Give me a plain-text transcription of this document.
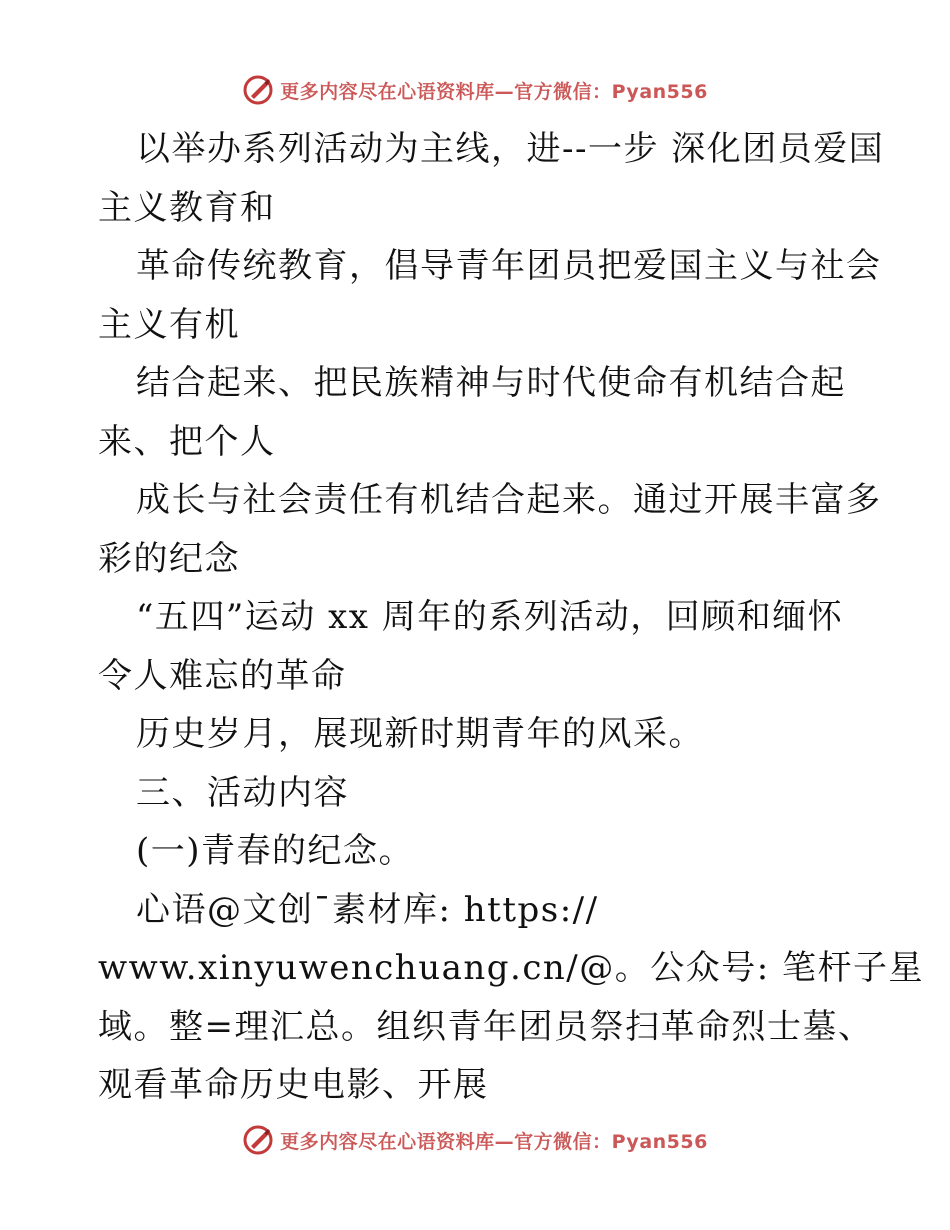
更多内容尽在心语资料库—官方微信：Pyan556
以举办系列活动为主线，进--一步 深化团员爱国
主义教育和
革命传统教育，倡导青年团员把爱国主义与社会
主义有机
结合起来、把民族精神与时代使命有机结合起
来、把个人
成长与社会责任有机结合起来。通过开展丰富多
彩的纪念
“五四”运动 xx 周年的系列活动，回顾和缅怀
令人难忘的革命
历史岁月，展现新时期青年的风采。
三、活动内容
(一)青春的纪念。
心语@文创¯素材库: https://
www.xinyuwenchuang.cn/@。公众号: 笔杆子星
域。整=理汇总。组织青年团员祭扫革命烈士墓、
观看革命历史电影、开展
更多内容尽在心语资料库—官方微信：Pyan556
